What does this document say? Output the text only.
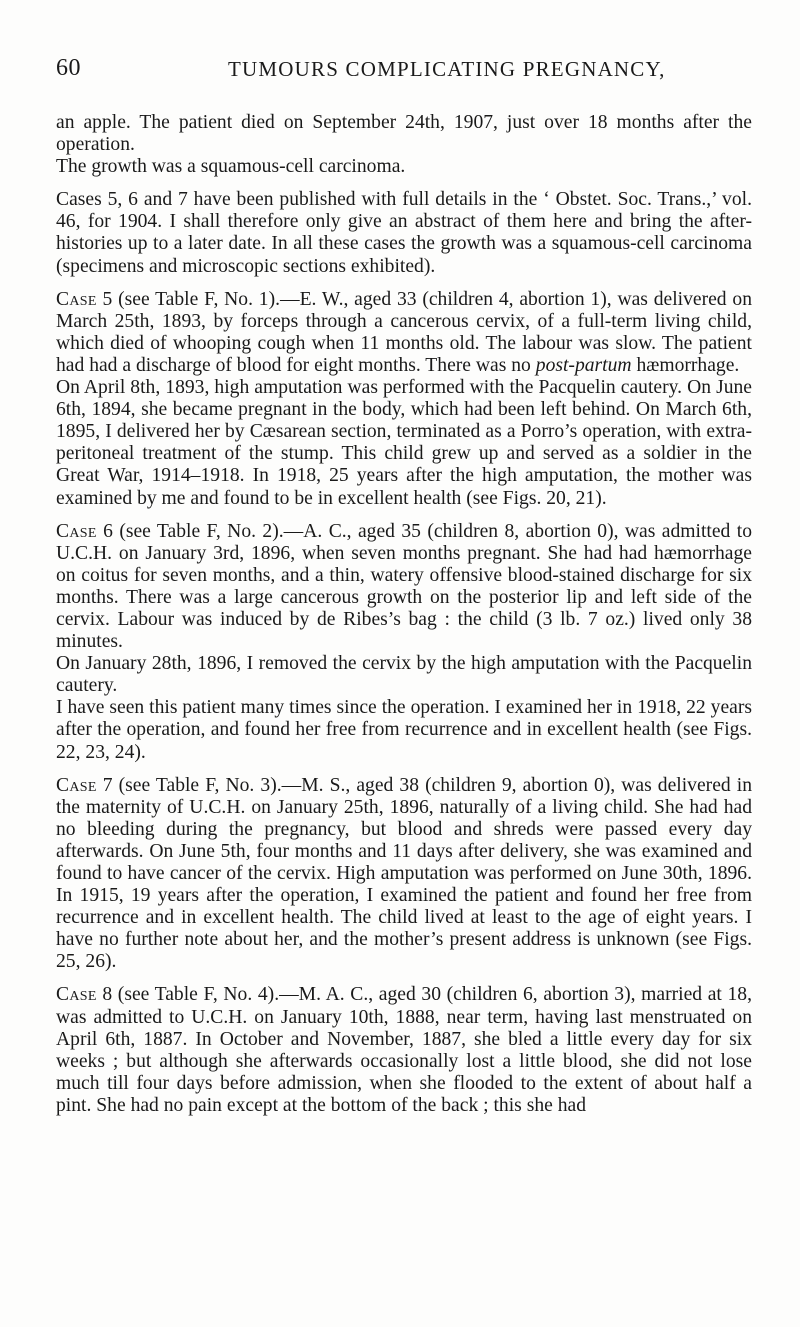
60	TUMOURS COMPLICATING PREGNANCY,

an apple. The patient died on September 24th, 1907, just over 18 months after the operation.

The growth was a squamous-cell carcinoma.

Cases 5, 6 and 7 have been published with full details in the ‘ Obstet. Soc. Trans.,’ vol. 46, for 1904. I shall therefore only give an abstract of them here and bring the after-histories up to a later date. In all these cases the growth was a squamous-cell carcinoma (specimens and microscopic sections exhibited).

Case 5 (see Table F, No. 1).—E. W., aged 33 (children 4, abortion 1), was delivered on March 25th, 1893, by forceps through a cancerous cervix, of a full-term living child, which died of whooping cough when 11 months old. The labour was slow. The patient had had a discharge of blood for eight months. There was no post-partum hæmorrhage.

On April 8th, 1893, high amputation was performed with the Pacquelin cautery. On June 6th, 1894, she became pregnant in the body, which had been left behind. On March 6th, 1895, I delivered her by Cæsarean section, terminated as a Porro’s operation, with extra-peritoneal treatment of the stump. This child grew up and served as a soldier in the Great War, 1914–1918. In 1918, 25 years after the high amputation, the mother was examined by me and found to be in excellent health (see Figs. 20, 21).

Case 6 (see Table F, No. 2).—A. C., aged 35 (children 8, abortion 0), was admitted to U.C.H. on January 3rd, 1896, when seven months pregnant. She had had hæmorrhage on coitus for seven months, and a thin, watery offensive blood-stained discharge for six months. There was a large cancerous growth on the posterior lip and left side of the cervix. Labour was induced by de Ribes’s bag : the child (3 lb. 7 oz.) lived only 38 minutes.

On January 28th, 1896, I removed the cervix by the high amputation with the Pacquelin cautery.

I have seen this patient many times since the operation. I examined her in 1918, 22 years after the operation, and found her free from recurrence and in excellent health (see Figs. 22, 23, 24).

Case 7 (see Table F, No. 3).—M. S., aged 38 (children 9, abortion 0), was delivered in the maternity of U.C.H. on January 25th, 1896, naturally of a living child. She had had no bleeding during the pregnancy, but blood and shreds were passed every day afterwards. On June 5th, four months and 11 days after delivery, she was examined and found to have cancer of the cervix. High amputation was performed on June 30th, 1896. In 1915, 19 years after the operation, I examined the patient and found her free from recurrence and in excellent health. The child lived at least to the age of eight years. I have no further note about her, and the mother’s present address is unknown (see Figs. 25, 26).

Case 8 (see Table F, No. 4).—M. A. C., aged 30 (children 6, abortion 3), married at 18, was admitted to U.C.H. on January 10th, 1888, near term, having last menstruated on April 6th, 1887. In October and November, 1887, she bled a little every day for six weeks ; but although she afterwards occasionally lost a little blood, she did not lose much till four days before admission, when she flooded to the extent of about half a pint. She had no pain except at the bottom of the back ; this she had
